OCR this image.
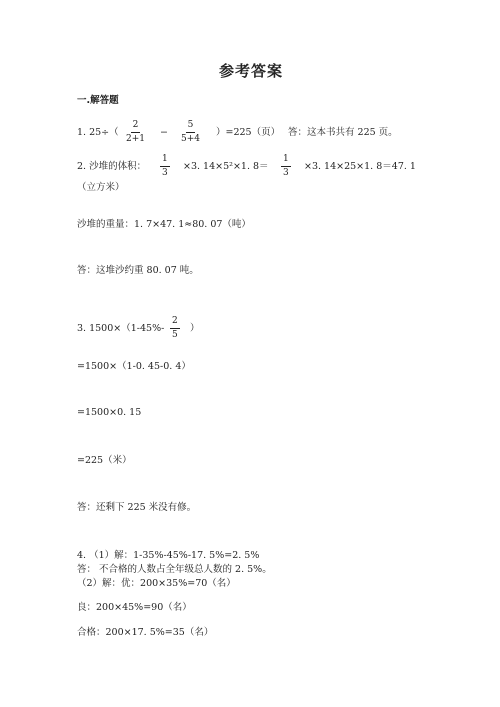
参考答案
一.解答题
1. $25\div( \frac{2}{2+1} - \frac{5}{5+4} )=225$（页） 答：这本书共有 225 页。
2. 沙堆的体积： $\frac{1}{3} \times 3$. 14×5²×1. $8= \frac{1}{3} \times 3$. 14×25×1. 8＝47. 1
（立方米）
沙堆的重量：1. 7×47. 1≈80. 07（吨）
答：这堆沙约重 80. 07 吨。
3. $1500\times(1-45\%- \frac{2}{5}$ ）
=1500×（1-0. 45-0. 4）
=1500×0. 15
=225（米）
答：还剩下 225 米没有修。
4. （1）解：1-35%-45%-17. 5%=2. 5%
答： 不合格的人数占全年级总人数的 2. 5%。
（2）解：优：200×35%=70（名）
良：200×45%=90（名）
合格：200×17. 5%=35（名）
